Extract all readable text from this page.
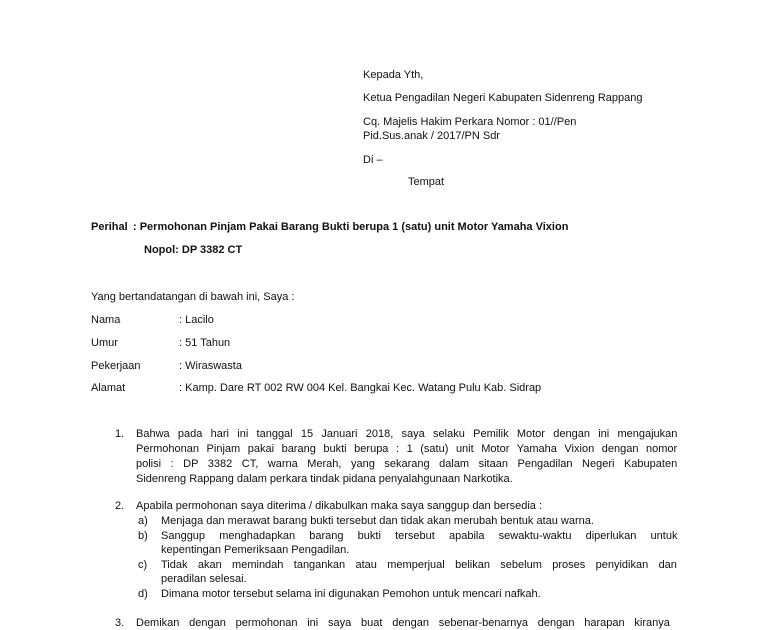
Kepada Yth,
Ketua Pengadilan Negeri Kabupaten Sidenreng Rappang
Cq. Majelis Hakim Perkara Nomor : 01//Pen
Pid.Sus.anak / 2017/PN Sdr
Di –
Tempat
Perihal : Permohonan Pinjam Pakai Barang Bukti berupa 1 (satu) unit Motor Yamaha Vixion
Nopol: DP 3382 CT
Yang bertandatangan di bawah ini, Saya :
Nama	: Lacilo
Umur	: 51 Tahun
Pekerjaan	: Wiraswasta
Alamat	: Kamp. Dare RT 002 RW 004 Kel. Bangkai Kec. Watang Pulu Kab. Sidrap
1. Bahwa pada hari ini tanggal 15 Januari 2018, saya selaku Pemilik Motor dengan ini mengajukan
Permohonan Pinjam pakai barang bukti berupa : 1 (satu) unit Motor Yamaha Vixion dengan nomor
polisi : DP 3382 CT, warna Merah, yang sekarang dalam sitaan Pengadilan Negeri Kabupaten
Sidenreng Rappang dalam perkara tindak pidana penyalahgunaan Narkotika.
2. Apabila permohonan saya diterima / dikabulkan maka saya sanggup dan bersedia :
a) Menjaga dan merawat barang bukti tersebut dan tidak akan merubah bentuk atau warna.
b) Sanggup menghadapkan barang bukti tersebut apabila sewaktu-waktu diperlukan untuk
kepentingan Pemeriksaan Pengadilan.
c) Tidak akan memindah tangankan atau memperjual belikan sebelum proses penyidikan dan
peradilan selesai.
d) Dimana motor tersebut selama ini digunakan Pemohon untuk mencari nafkah.
3. Demikan dengan permohonan ini saya buat dengan sebenar-benarnya dengan harapan kiranya
